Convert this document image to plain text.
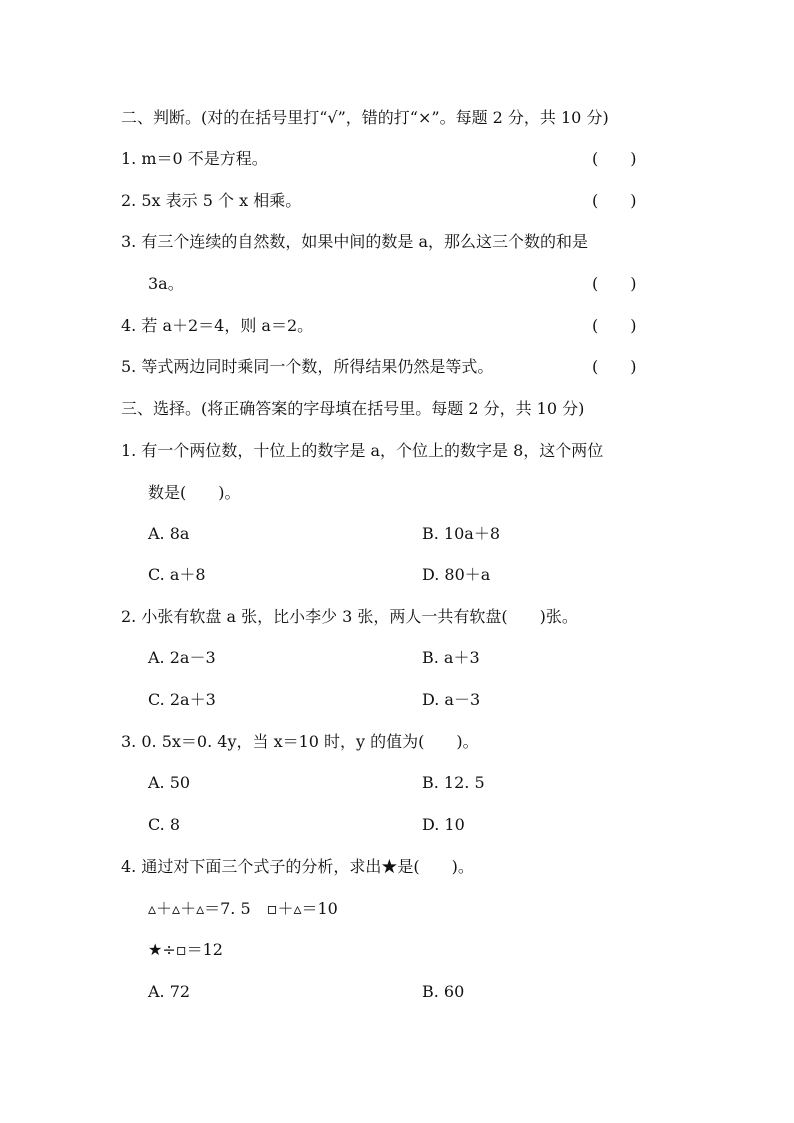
二、判断。(对的在括号里打“√”，错的打“×”。每题 2 分，共 10 分)
1. m＝0 不是方程。	(　　)
2. 5x 表示 5 个 x 相乘。	(　　)
3. 有三个连续的自然数，如果中间的数是 a，那么这三个数的和是
3a。	(　　)
4. 若 a＋2＝4，则 a＝2。	(　　)
5. 等式两边同时乘同一个数，所得结果仍然是等式。	(　　)
三、选择。(将正确答案的字母填在括号里。每题 2 分，共 10 分)
1. 有一个两位数，十位上的数字是 a，个位上的数字是 8，这个两位
数是(　　)。
A. 8a	B. 10a＋8
C. a＋8	D. 80＋a
2. 小张有软盘 a 张，比小李少 3 张，两人一共有软盘(　　)张。
A. 2a－3	B. a＋3
C. 2a＋3	D. a－3
3. 0. 5x＝0. 4y，当 x＝10 时，y 的值为(　　)。
A. 50	B. 12. 5
C. 8	D. 10
4. 通过对下面三个式子的分析，求出★是(　　)。
▵＋▵＋▵＝7. 5　▫＋▵＝10
★÷▫＝12
A. 72	B. 60
